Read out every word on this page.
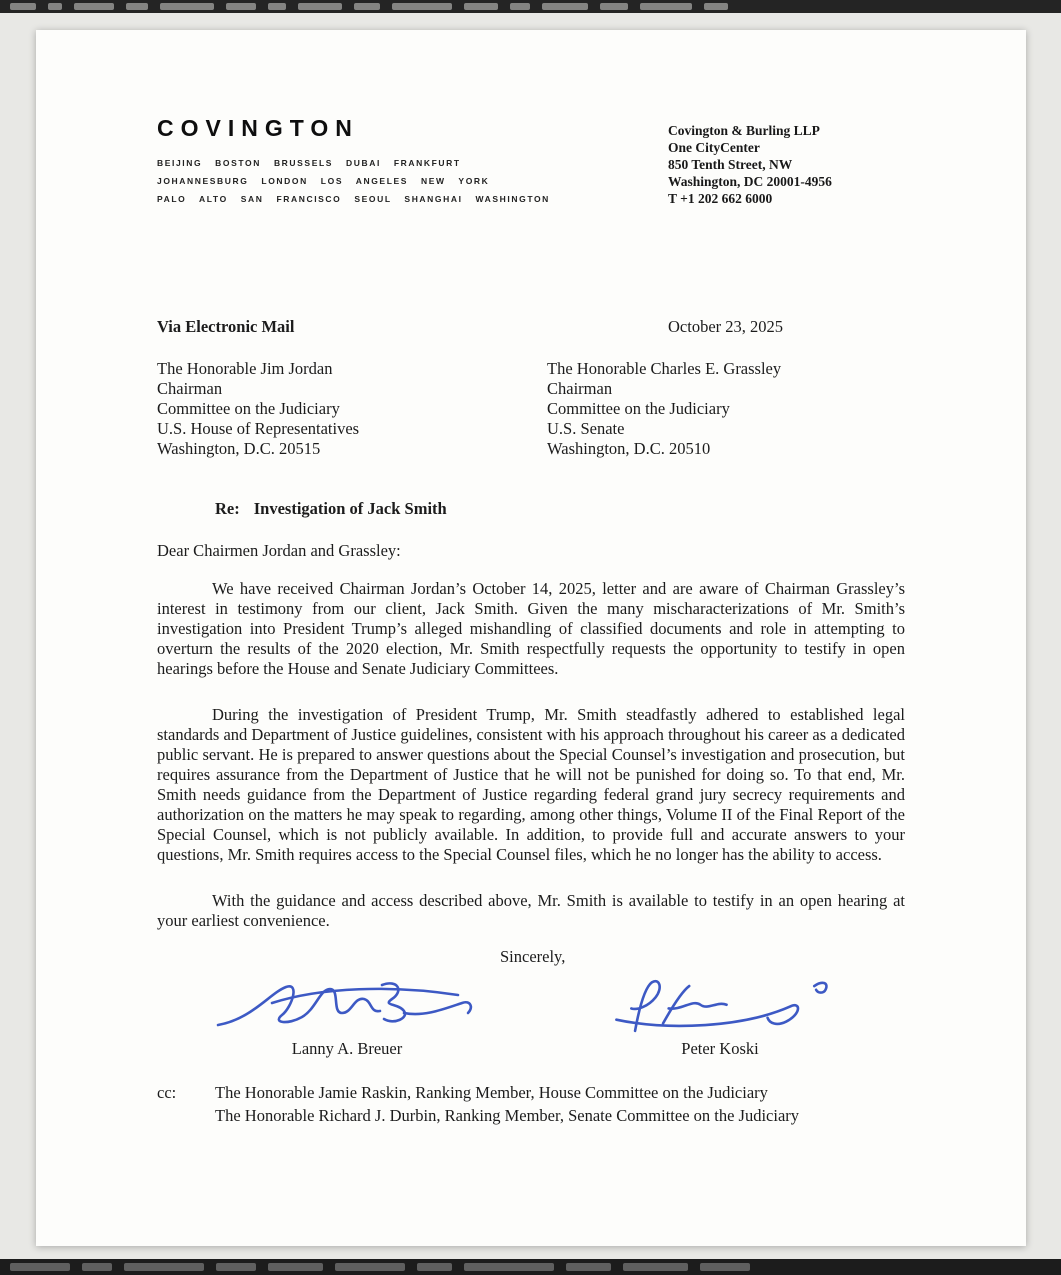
COVINGTON
BEIJING BOSTON BRUSSELS DUBAI FRANKFURT
JOHANNESBURG LONDON LOS ANGELES NEW YORK
PALO ALTO SAN FRANCISCO SEOUL SHANGHAI WASHINGTON
Covington & Burling LLP
One CityCenter
850 Tenth Street, NW
Washington, DC 20001-4956
T +1 202 662 6000
Via Electronic Mail	October 23, 2025
The Honorable Jim Jordan
Chairman
Committee on the Judiciary
U.S. House of Representatives
Washington, D.C. 20515
The Honorable Charles E. Grassley
Chairman
Committee on the Judiciary
U.S. Senate
Washington, D.C. 20510
Re: Investigation of Jack Smith
Dear Chairmen Jordan and Grassley:

We have received Chairman Jordan’s October 14, 2025, letter and are aware of Chairman Grassley’s interest in testimony from our client, Jack Smith. Given the many mischaracterizations of Mr. Smith’s investigation into President Trump’s alleged mishandling of classified documents and role in attempting to overturn the results of the 2020 election, Mr. Smith respectfully requests the opportunity to testify in open hearings before the House and Senate Judiciary Committees.

During the investigation of President Trump, Mr. Smith steadfastly adhered to established legal standards and Department of Justice guidelines, consistent with his approach throughout his career as a dedicated public servant. He is prepared to answer questions about the Special Counsel’s investigation and prosecution, but requires assurance from the Department of Justice that he will not be punished for doing so. To that end, Mr. Smith needs guidance from the Department of Justice regarding federal grand jury secrecy requirements and authorization on the matters he may speak to regarding, among other things, Volume II of the Final Report of the Special Counsel, which is not publicly available. In addition, to provide full and accurate answers to your questions, Mr. Smith requires access to the Special Counsel files, which he no longer has the ability to access.

With the guidance and access described above, Mr. Smith is available to testify in an open hearing at your earliest convenience.

Sincerely,
Lanny A. Breuer	Peter Koski
cc:	The Honorable Jamie Raskin, Ranking Member, House Committee on the Judiciary
The Honorable Richard J. Durbin, Ranking Member, Senate Committee on the Judiciary
